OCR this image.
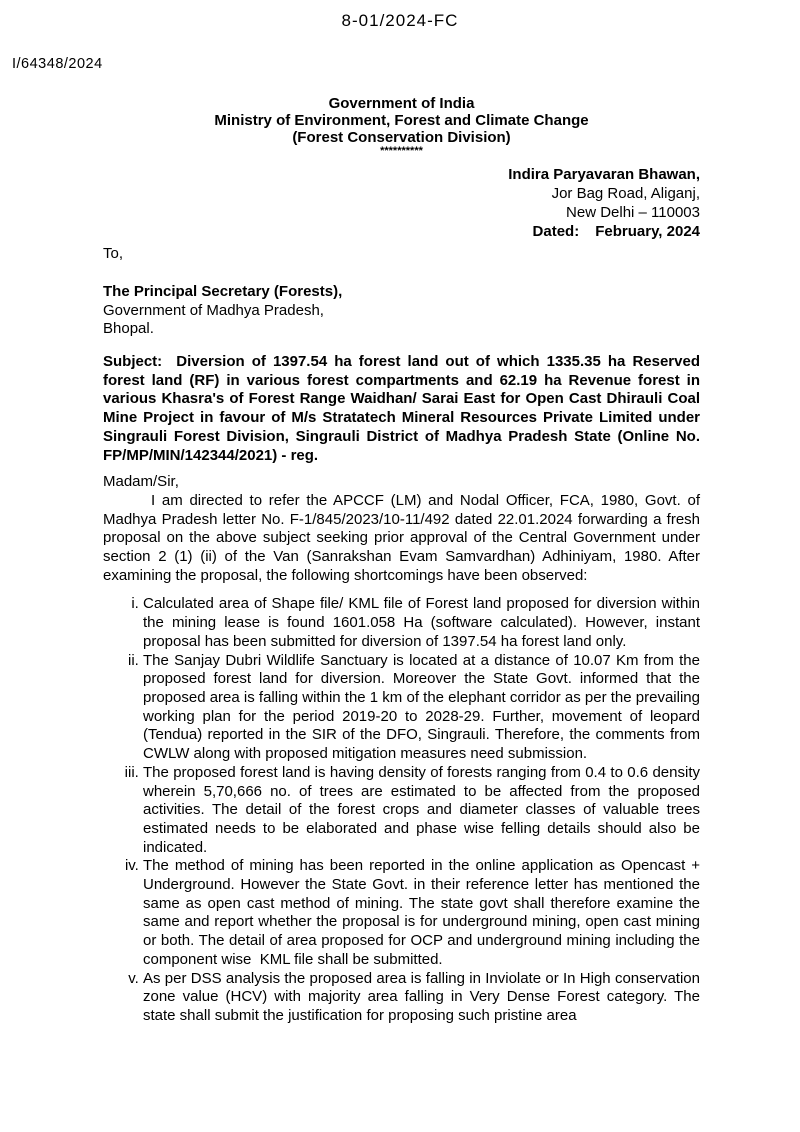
8-01/2024-FC
I/64348/2024
Government of India
Ministry of Environment, Forest and Climate Change
(Forest Conservation Division)
**********
Indira Paryavaran Bhawan,
Jor Bag Road, Aliganj,
New Delhi – 110003
Dated: February, 2024
To,
The Principal Secretary (Forests),
Government of Madhya Pradesh,
Bhopal.
Subject:  Diversion of 1397.54 ha forest land out of which 1335.35 ha Reserved forest land (RF) in various forest compartments and 62.19 ha Revenue forest in various Khasra's of Forest Range Waidhan/ Sarai East for Open Cast Dhirauli Coal Mine Project in favour of M/s Stratatech Mineral Resources Private Limited under Singrauli Forest Division, Singrauli District of Madhya Pradesh State (Online No. FP/MP/MIN/142344/2021) - reg.
Madam/Sir,
I am directed to refer the APCCF (LM) and Nodal Officer, FCA, 1980, Govt. of Madhya Pradesh letter No. F-1/845/2023/10-11/492 dated 22.01.2024 forwarding a fresh proposal on the above subject seeking prior approval of the Central Government under section 2 (1) (ii) of the Van (Sanrakshan Evam Samvardhan) Adhiniyam, 1980. After examining the proposal, the following shortcomings have been observed:
i. Calculated area of Shape file/ KML file of Forest land proposed for diversion within the mining lease is found 1601.058 Ha (software calculated). However, instant proposal has been submitted for diversion of 1397.54 ha forest land only.
ii. The Sanjay Dubri Wildlife Sanctuary is located at a distance of 10.07 Km from the proposed forest land for diversion. Moreover the State Govt. informed that the proposed area is falling within the 1 km of the elephant corridor as per the prevailing working plan for the period 2019-20 to 2028-29. Further, movement of leopard (Tendua) reported in the SIR of the DFO, Singrauli. Therefore, the comments from CWLW along with proposed mitigation measures need submission.
iii. The proposed forest land is having density of forests ranging from 0.4 to 0.6 density wherein 5,70,666 no. of trees are estimated to be affected from the proposed activities. The detail of the forest crops and diameter classes of valuable trees estimated needs to be elaborated and phase wise felling details should also be indicated.
iv. The method of mining has been reported in the online application as Opencast + Underground. However the State Govt. in their reference letter has mentioned the same as open cast method of mining. The state govt shall therefore examine the same and report whether the proposal is for underground mining, open cast mining or both. The detail of area proposed for OCP and underground mining including the component wise  KML file shall be submitted.
v. As per DSS analysis the proposed area is falling in Inviolate or In High conservation zone value (HCV) with majority area falling in Very Dense Forest category. The state shall submit the justification for proposing such pristine area
